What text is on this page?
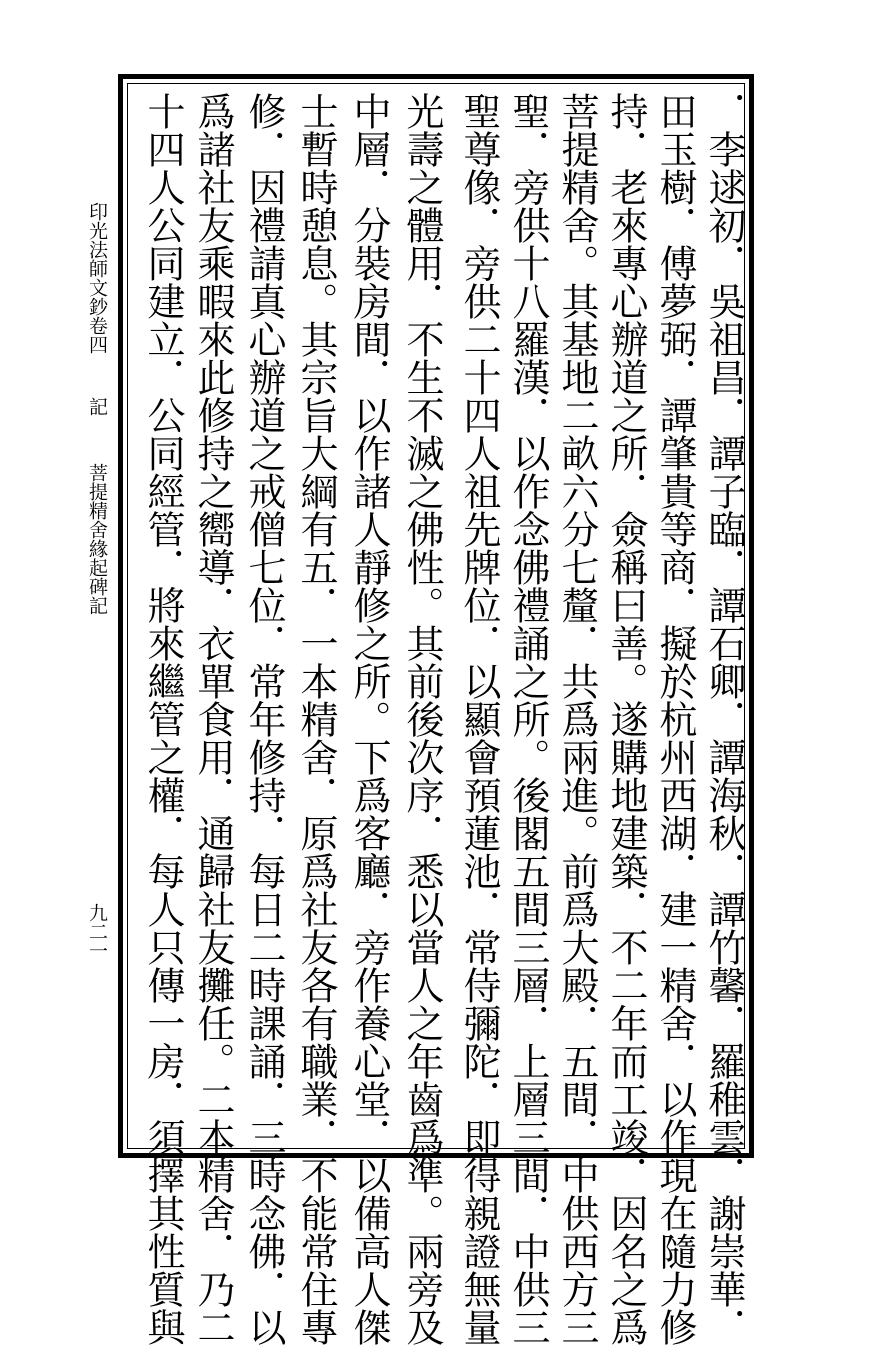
印光法師文鈔卷四
記
菩提精舍緣起碑記
九二一	．李逑初．吳祖昌．譚子臨．譚石卿．譚海秋．譚竹馨．羅稚雲．謝崇華．
田玉樹．傅夢弼．譚肇貴等商．擬於杭州西湖．建一精舍．以作現在隨力修
持．老來專心辦道之所．僉稱曰善。遂購地建築．不二年而工竣．因名之爲
菩提精舍。其基地二畝六分七釐．共爲兩進。前爲大殿．五間．中供西方三
聖．旁供十八羅漢．以作念佛禮誦之所。後閣五間三層．上層三間．中供三
聖尊像．旁供二十四人祖先牌位．以顯會預蓮池．常侍彌陀．即得親證無量
光壽之體用．不生不滅之佛性。其前後次序．悉以當人之年齒爲準。兩旁及
中層．分裝房間．以作諸人靜修之所。下爲客廳．旁作養心堂．以備高人傑
士暫時憩息。其宗旨大綱有五．一本精舍．原爲社友各有職業．不能常住專
修．因禮請真心辦道之戒僧七位．常年修持．每日二時課誦．三時念佛．以
爲諸社友乘暇來此修持之嚮導．衣單食用．通歸社友攤任。二本精舍．乃二
十四人公同建立．公同經管．將來繼管之權．每人只傳一房．須擇其性質與
